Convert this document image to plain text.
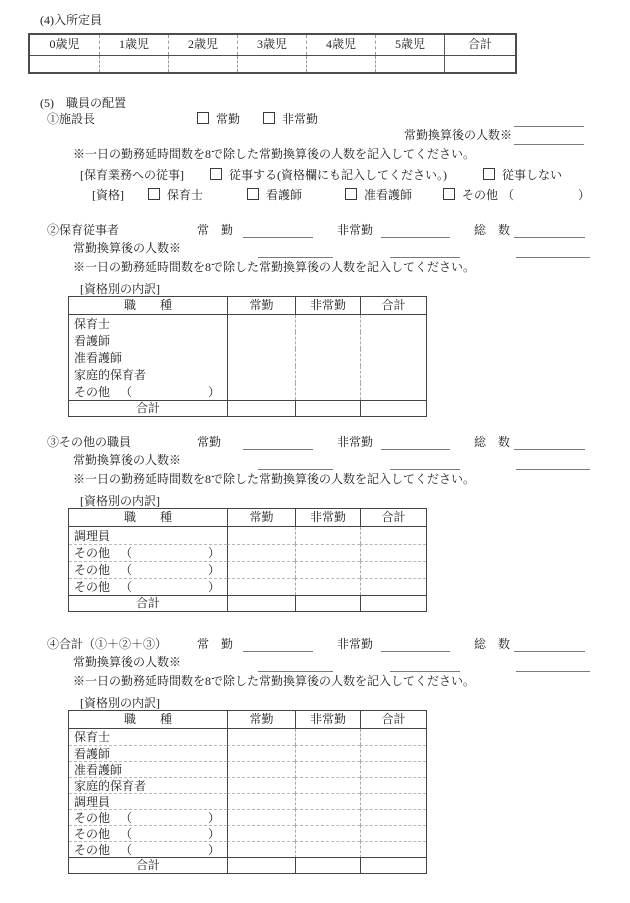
(4)入所定員
0歳児	1歳児	2歳児	3歳児	4歳児	5歳児	合計
(5)　職員の配置
①施設長	常勤	非常勤
常勤換算後の人数※
※一日の勤務延時間数を8で除した常勤換算後の人数を記入してください。
[保育業務への従事]	従事する(資格欄にも記入してください。)	従事しない
[資格]	保育士	看護師	准看護師	その他 （	）
②保育従事者	常　勤	非常勤	総　数
常勤換算後の人数※
※一日の勤務延時間数を8で除した常勤換算後の人数を記入してください。
[資格別の内訳]
職　　種	常勤	非常勤	合計
保育士
看護師
准看護師
家庭的保育者
その他 （	）
合計
③その他の職員	常勤	非常勤	総　数
常勤換算後の人数※
※一日の勤務延時間数を8で除した常勤換算後の人数を記入してください。
[資格別の内訳]
職　　種	常勤	非常勤	合計
調理員
その他 （	）
その他 （	）
その他 （	）
合計
④合計（①＋②＋③） 常　勤	非常勤	総　数
常勤換算後の人数※
※一日の勤務延時間数を8で除した常勤換算後の人数を記入してください。
[資格別の内訳]
職　　種	常勤	非常勤	合計
保育士
看護師
准看護師
家庭的保育者
調理員
その他 （	）
その他 （	）
その他 （	）
合計
